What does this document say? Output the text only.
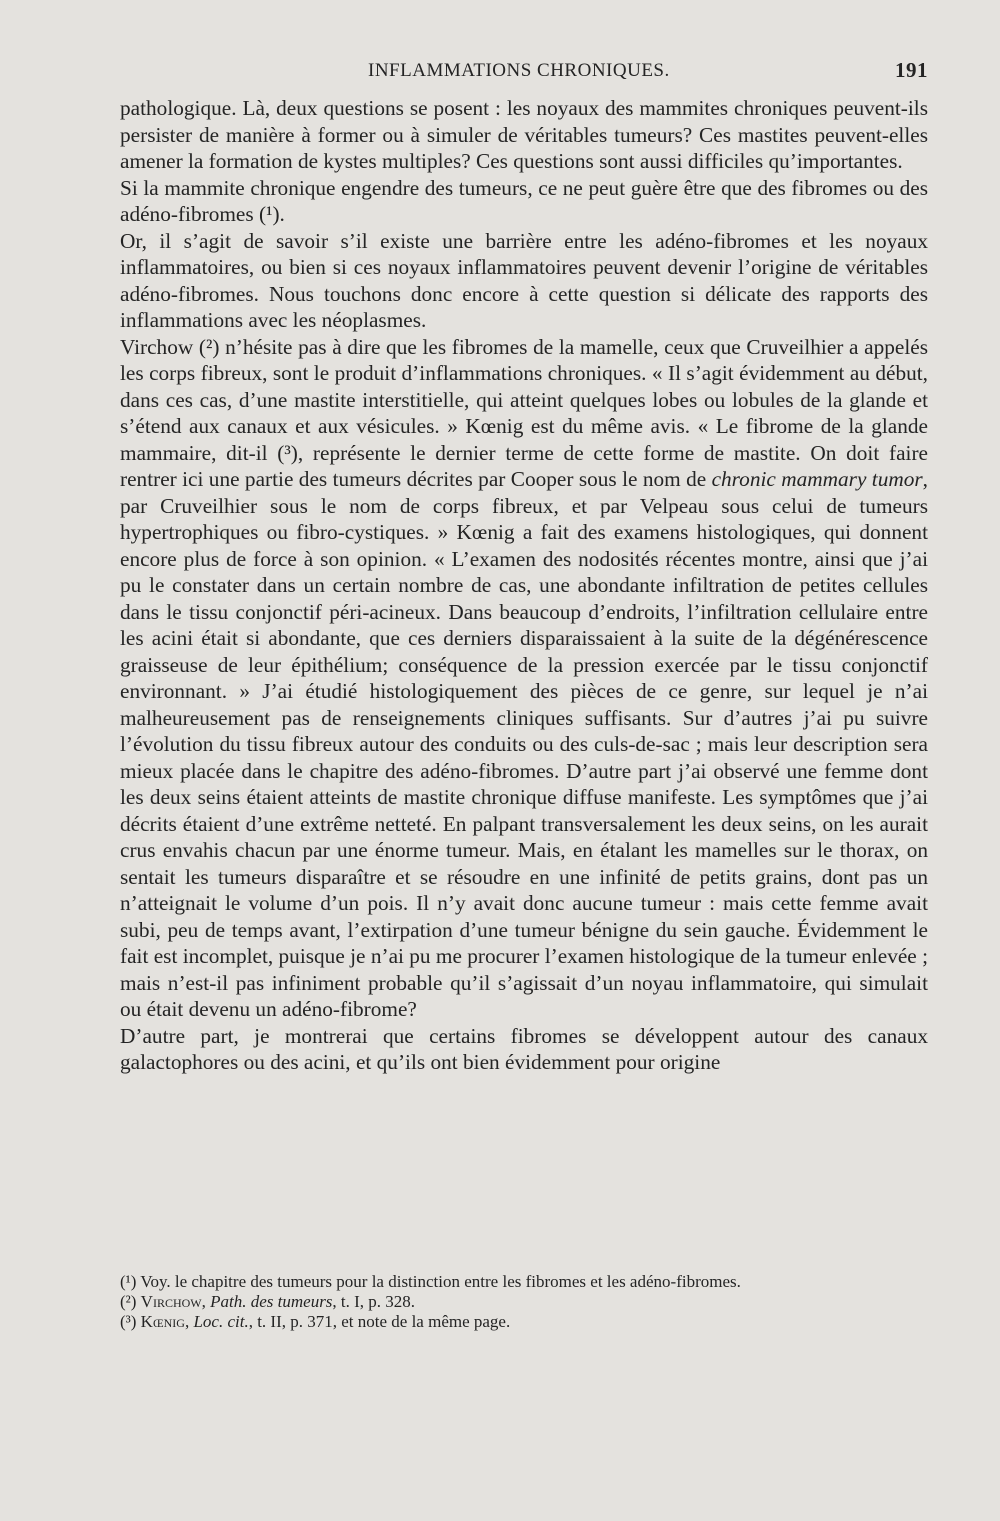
INFLAMMATIONS CHRONIQUES.	191

pathologique. Là, deux questions se posent : les noyaux des mammites chroniques peuvent-ils persister de manière à former ou à simuler de véritables tumeurs? Ces mastites peuvent-elles amener la formation de kystes multiples? Ces questions sont aussi difficiles qu’importantes.

Si la mammite chronique engendre des tumeurs, ce ne peut guère être que des fibromes ou des adéno-fibromes (¹).

Or, il s’agit de savoir s’il existe une barrière entre les adéno-fibromes et les noyaux inflammatoires, ou bien si ces noyaux inflammatoires peuvent devenir l’origine de véritables adéno-fibromes. Nous touchons donc encore à cette question si délicate des rapports des inflammations avec les néoplasmes.

Virchow (²) n’hésite pas à dire que les fibromes de la mamelle, ceux que Cruveilhier a appelés les corps fibreux, sont le produit d’inflammations chroniques. « Il s’agit évidemment au début, dans ces cas, d’une mastite interstitielle, qui atteint quelques lobes ou lobules de la glande et s’étend aux canaux et aux vésicules. » Kœnig est du même avis. « Le fibrome de la glande mammaire, dit-il (³), représente le dernier terme de cette forme de mastite. On doit faire rentrer ici une partie des tumeurs décrites par Cooper sous le nom de chronic mammary tumor, par Cruveilhier sous le nom de corps fibreux, et par Velpeau sous celui de tumeurs hypertrophiques ou fibro-cystiques. » Kœnig a fait des examens histologiques, qui donnent encore plus de force à son opinion. « L’examen des nodosités récentes montre, ainsi que j’ai pu le constater dans un certain nombre de cas, une abondante infiltration de petites cellules dans le tissu conjonctif péri-acineux. Dans beaucoup d’endroits, l’infiltration cellulaire entre les acini était si abondante, que ces derniers disparaissaient à la suite de la dégénérescence graisseuse de leur épithélium; conséquence de la pression exercée par le tissu conjonctif environnant. » J’ai étudié histologiquement des pièces de ce genre, sur lequel je n’ai malheureusement pas de renseignements cliniques suffisants. Sur d’autres j’ai pu suivre l’évolution du tissu fibreux autour des conduits ou des culs-de-sac ; mais leur description sera mieux placée dans le chapitre des adéno-fibromes. D’autre part j’ai observé une femme dont les deux seins étaient atteints de mastite chronique diffuse manifeste. Les symptômes que j’ai décrits étaient d’une extrême netteté. En palpant transversalement les deux seins, on les aurait crus envahis chacun par une énorme tumeur. Mais, en étalant les mamelles sur le thorax, on sentait les tumeurs disparaître et se résoudre en une infinité de petits grains, dont pas un n’atteignait le volume d’un pois. Il n’y avait donc aucune tumeur : mais cette femme avait subi, peu de temps avant, l’extirpation d’une tumeur bénigne du sein gauche. Évidemment le fait est incomplet, puisque je n’ai pu me procurer l’examen histologique de la tumeur enlevée ; mais n’est-il pas infiniment probable qu’il s’agissait d’un noyau inflammatoire, qui simulait ou était devenu un adéno-fibrome?

D’autre part, je montrerai que certains fibromes se développent autour des canaux galactophores ou des acini, et qu’ils ont bien évidemment pour origine

(¹) Voy. le chapitre des tumeurs pour la distinction entre les fibromes et les adéno-fibromes.

(²) Virchow, Path. des tumeurs, t. I, p. 328.

(³) Kœnig, Loc. cit., t. II, p. 371, et note de la même page.
